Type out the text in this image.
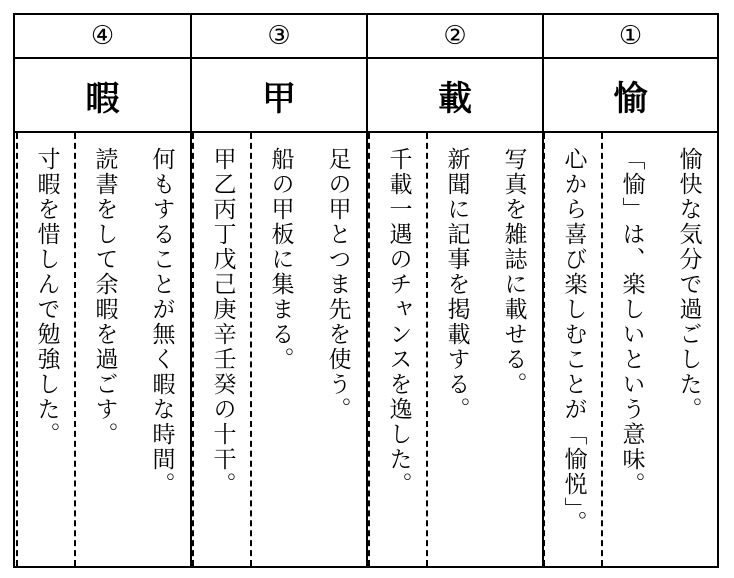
④
暇
何もすることが無く暇な時間。
読書をして余暇を過ごす。
寸暇を惜しんで勉強した。
③
甲
足の甲とつま先を使う。
船の甲板に集まる。
甲乙丙丁戊己庚辛壬癸の十干。
②
載
写真を雑誌に載せる。
新聞に記事を掲載する。
千載一遇のチャンスを逸した。
①
愉
愉快な気分で過ごした。
「愉」は、楽しいという意味。
心から喜び楽しむことが「愉悦」。
